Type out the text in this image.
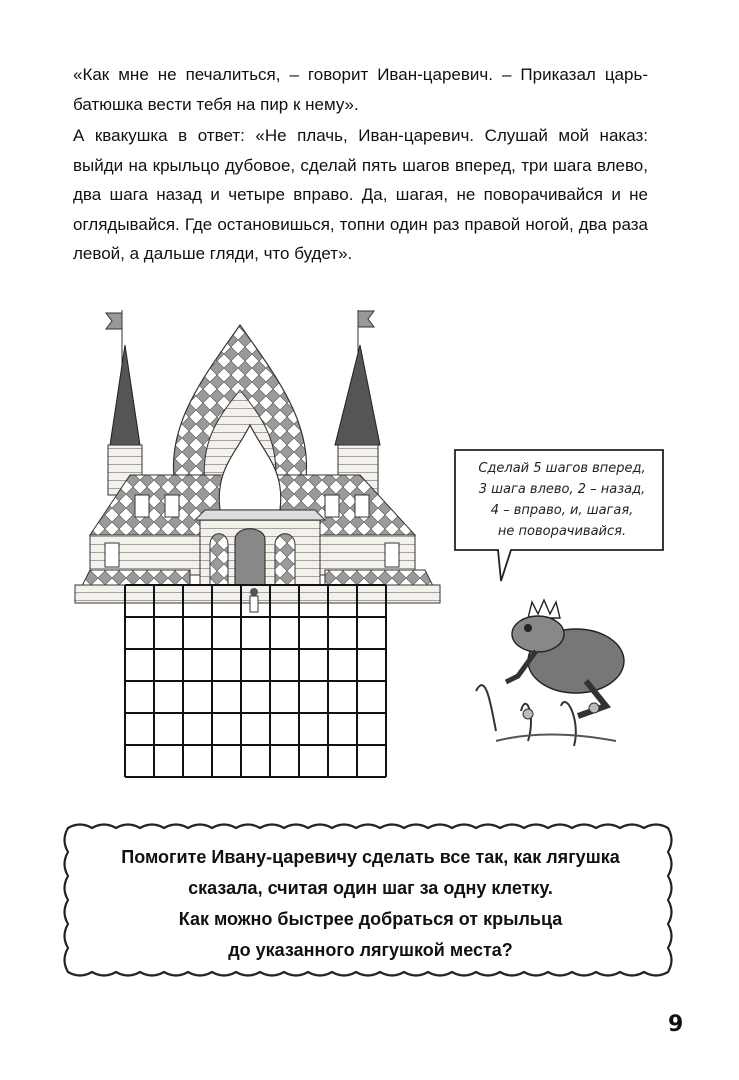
«Как мне не печалиться, – говорит Иван-царевич. – Приказал царь-батюшка вести тебя на пир к нему».

А квакушка в ответ: «Не плачь, Иван-царевич. Слушай мой наказ: выйди на крыльцо дубовое, сделай пять шагов вперед, три шага влево, два шага назад и четыре вправо. Да, шагая, не поворачивайся и не оглядывайся. Где остановишься, топни один раз правой ногой, два раза левой, а дальше гляди, что будет».

Сделай 5 шагов вперед,
3 шага влево, 2 – назад,
4 – вправо, и, шагая,
не поворачивайся.
Помогите Ивану-царевичу сделать все так, как лягушка
сказала, считая один шаг за одну клетку.
Как можно быстрее добраться от крыльца
до указанного лягушкой места?
9
